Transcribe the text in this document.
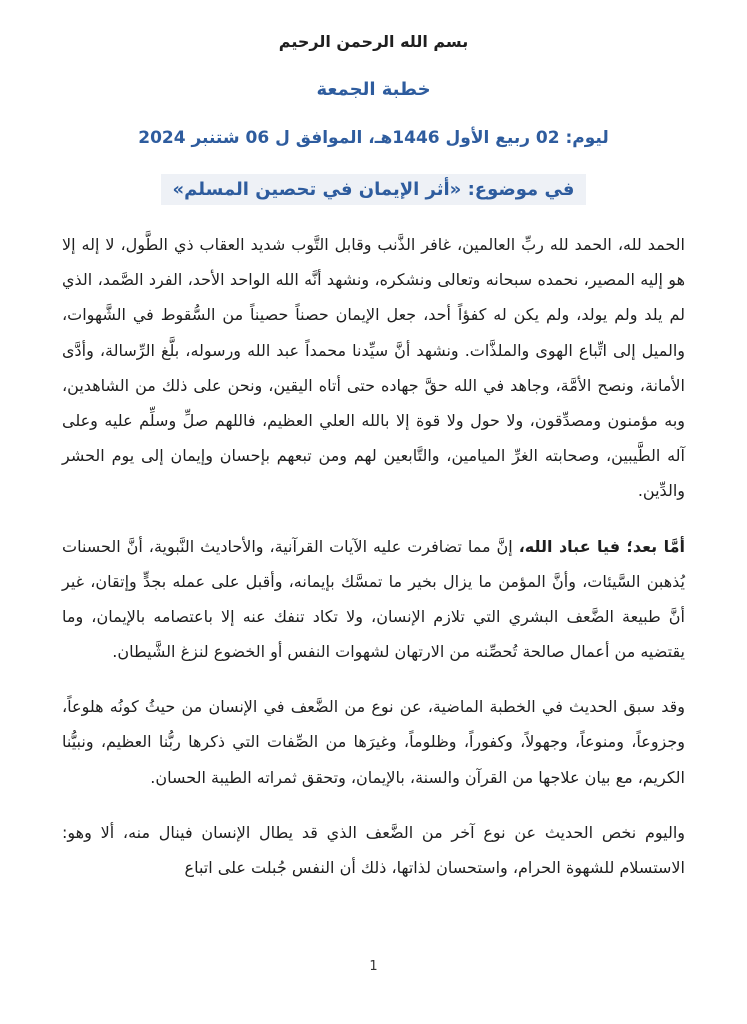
بسم الله الرحمن الرحيم
خطبة الجمعة
ليوم: 02 ربيع الأول 1446هـ، الموافق ل 06 شتنبر 2024
في موضوع: «أثر الإيمان في تحصين المسلم»

الحمد لله، الحمد لله ربِّ العالمين، غافر الذَّنب وقابل التَّوب شديد العقاب ذي الطَّول، لا إله إلا هو إليه المصير، نحمده سبحانه وتعالى ونشكره، ونشهد أنَّه الله الواحد الأحد، الفرد الصَّمد، الذي لم يلد ولم يولد، ولم يكن له كفؤاً أحد، جعل الإيمان حصناً حصيناً من السُّقوط في الشَّهوات، والميل إلى اتِّباع الهوى والملذَّات. ونشهد أنَّ سيِّدنا محمداً عبد الله ورسوله، بلَّغ الرِّسالة، وأدَّى الأمانة، ونصح الأمَّة، وجاهد في الله حقَّ جهاده حتى أتاه اليقين، ونحن على ذلك من الشاهدين، وبه مؤمنون ومصدِّقون، ولا حول ولا قوة إلا بالله العلي العظيم، فاللهم صلِّ وسلِّم عليه وعلى آله الطَّيبين، وصحابته الغرِّ الميامين، والتَّابعين لهم ومن تبعهم بإحسان وإيمان إلى يوم الحشر والدِّين.

أمَّا بعد؛ فيا عباد الله، إنَّ مما تضافرت عليه الآيات القرآنية، والأحاديث النَّبوية، أنَّ الحسنات يُذهبن السَّيئات، وأنَّ المؤمن ما يزال بخير ما تمسَّك بإيمانه، وأقبل على عمله بجدٍّ وإتقان، غير أنَّ طبيعة الضَّعف البشري التي تلازم الإنسان، ولا تكاد تنفك عنه إلا باعتصامه بالإيمان، وما يقتضيه من أعمال صالحة تُحصِّنه من الارتهان لشهوات النفس أو الخضوع لنزغ الشَّيطان.

وقد سبق الحديث في الخطبة الماضية، عن نوع من الضَّعف في الإنسان من حيثُ كونُه هلوعاً، وجزوعاً، ومنوعاً، وجهولاً، وكفوراً، وظلوماً، وغيرَها من الصِّفات التي ذكرها ربُّنا العظيم، ونبيُّنا الكريم، مع بيان علاجها من القرآن والسنة، بالإيمان، وتحقق ثمراته الطيبة الحسان.

واليوم نخص الحديث عن نوع آخر من الضَّعف الذي قد يطال الإنسان فينال منه، ألا وهو: الاستسلام للشهوة الحرام، واستحسان لذاتها، ذلك أن النفس جُبلت على اتباع

1
